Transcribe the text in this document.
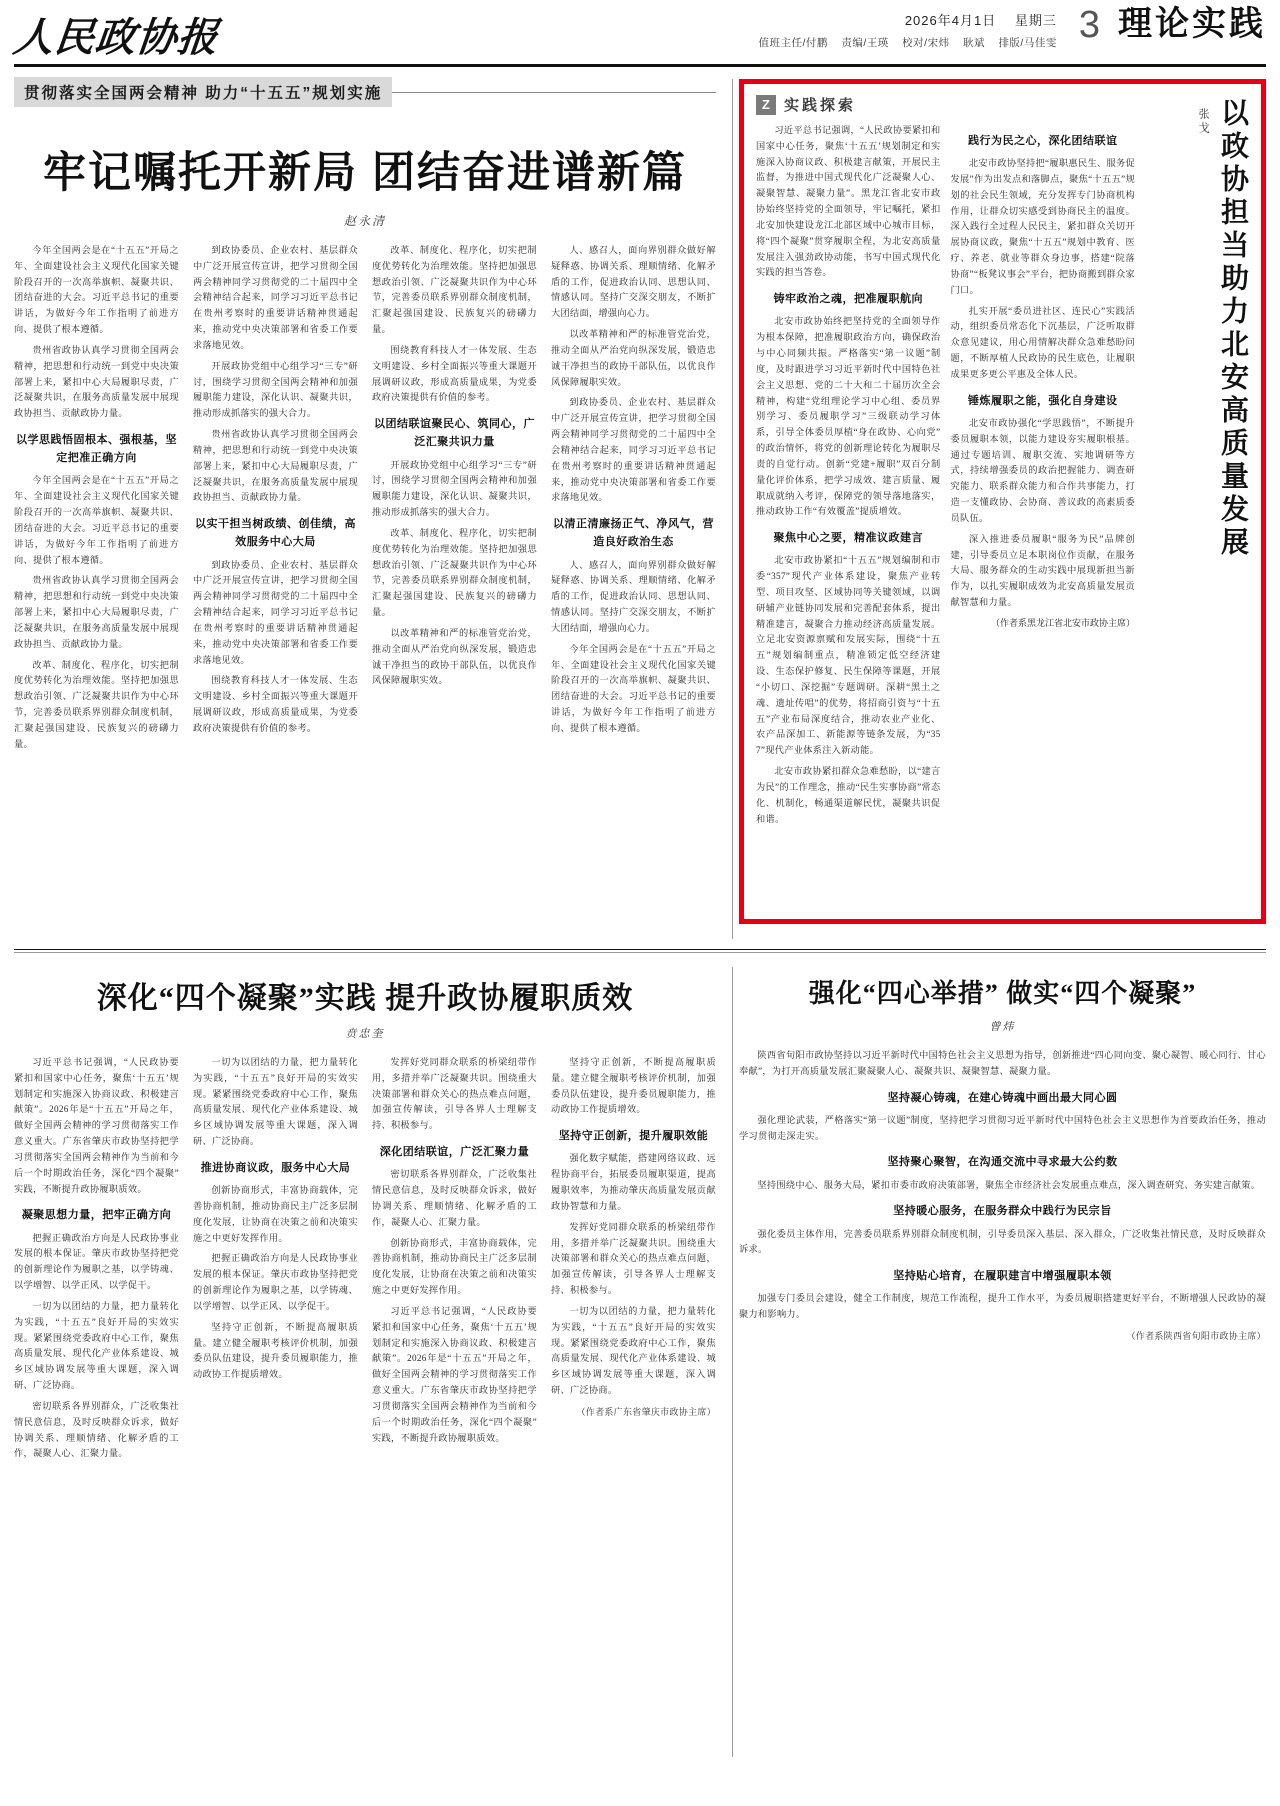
人民政协报	2026年4月1日 星期三
值班主任/付鹏 责编/王瑛 校对/宋炜 耿斌 排版/马佳雯 3 理论实践
贯彻落实全国两会精神 助力“十五五”规划实施
牢记嘱托开新局 团结奋进谱新篇
赵永清

今年全国两会是在“十五五”开局之年、全面建设社会主义现代化国家关键阶段召开的一次高举旗帜、凝聚共识、团结奋进的大会。习近平总书记的重要讲话，为做好今年工作指明了前进方向、提供了根本遵循。

贵州省政协认真学习贯彻全国两会精神，把思想和行动统一到党中央决策部署上来，紧扣中心大局履职尽责，广泛凝聚共识，在服务高质量发展中展现政协担当、贡献政协力量。

以学思践悟固根本、强根基，坚定把准正确方向

今年全国两会是在“十五五”开局之年、全面建设社会主义现代化国家关键阶段召开的一次高举旗帜、凝聚共识、团结奋进的大会。习近平总书记的重要讲话，为做好今年工作指明了前进方向、提供了根本遵循。

贵州省政协认真学习贯彻全国两会精神，把思想和行动统一到党中央决策部署上来，紧扣中心大局履职尽责，广泛凝聚共识，在服务高质量发展中展现政协担当、贡献政协力量。

改革、制度化、程序化，切实把制度优势转化为治理效能。坚持把加强思想政治引领、广泛凝聚共识作为中心环节，完善委员联系界别群众制度机制，汇聚起强国建设、民族复兴的磅礴力量。

到政协委员、企业农村、基层群众中广泛开展宣传宣讲，把学习贯彻全国两会精神同学习贯彻党的二十届四中全会精神结合起来，同学习习近平总书记在贵州考察时的重要讲话精神贯通起来，推动党中央决策部署和省委工作要求落地见效。

开展政协党组中心组学习“三专”研讨，围绕学习贯彻全国两会精神和加强履职能力建设，深化认识、凝聚共识，推动形成抓落实的强大合力。

贵州省政协认真学习贯彻全国两会精神，把思想和行动统一到党中央决策部署上来，紧扣中心大局履职尽责，广泛凝聚共识，在服务高质量发展中展现政协担当、贡献政协力量。

以实干担当树政绩、创佳绩，高效服务中心大局

到政协委员、企业农村、基层群众中广泛开展宣传宣讲，把学习贯彻全国两会精神同学习贯彻党的二十届四中全会精神结合起来，同学习习近平总书记在贵州考察时的重要讲话精神贯通起来，推动党中央决策部署和省委工作要求落地见效。

围绕教育科技人才一体发展、生态文明建设、乡村全面振兴等重大课题开展调研议政，形成高质量成果，为党委政府决策提供有价值的参考。

改革、制度化、程序化，切实把制度优势转化为治理效能。坚持把加强思想政治引领、广泛凝聚共识作为中心环节，完善委员联系界别群众制度机制，汇聚起强国建设、民族复兴的磅礴力量。

围绕教育科技人才一体发展、生态文明建设、乡村全面振兴等重大课题开展调研议政，形成高质量成果，为党委政府决策提供有价值的参考。

以团结联谊聚民心、筑同心，广泛汇聚共识力量

开展政协党组中心组学习“三专”研讨，围绕学习贯彻全国两会精神和加强履职能力建设，深化认识、凝聚共识，推动形成抓落实的强大合力。

改革、制度化、程序化，切实把制度优势转化为治理效能。坚持把加强思想政治引领、广泛凝聚共识作为中心环节，完善委员联系界别群众制度机制，汇聚起强国建设、民族复兴的磅礴力量。

以改革精神和严的标准管党治党，推动全面从严治党向纵深发展，锻造忠诚干净担当的政协干部队伍，以优良作风保障履职实效。

人、感召人，面向界别群众做好解疑释惑、协调关系、理顺情绪、化解矛盾的工作，促进政治认同、思想认同、情感认同。坚持广交深交朋友，不断扩大团结面，增强向心力。

以改革精神和严的标准管党治党，推动全面从严治党向纵深发展，锻造忠诚干净担当的政协干部队伍，以优良作风保障履职实效。

到政协委员、企业农村、基层群众中广泛开展宣传宣讲，把学习贯彻全国两会精神同学习贯彻党的二十届四中全会精神结合起来，同学习习近平总书记在贵州考察时的重要讲话精神贯通起来，推动党中央决策部署和省委工作要求落地见效。

以清正清廉扬正气、净风气，营造良好政治生态

人、感召人，面向界别群众做好解疑释惑、协调关系、理顺情绪、化解矛盾的工作，促进政治认同、思想认同、情感认同。坚持广交深交朋友，不断扩大团结面，增强向心力。

今年全国两会是在“十五五”开局之年、全面建设社会主义现代化国家关键阶段召开的一次高举旗帜、凝聚共识、团结奋进的大会。习近平总书记的重要讲话，为做好今年工作指明了前进方向、提供了根本遵循。

Z 实践探索

习近平总书记强调，“人民政协要紧扣和国家中心任务，聚焦‘十五五’规划制定和实施深入协商议政、积极建言献策，开展民主监督，为推进中国式现代化广泛凝聚人心、凝聚智慧、凝聚力量”。黑龙江省北安市政协始终坚持党的全面领导，牢记嘱托，紧扣北安加快建设龙江北部区域中心城市目标，将“四个凝聚”贯穿履职全程，为北安高质量发展注入强劲政协动能，书写中国式现代化实践的担当答卷。

铸牢政治之魂，把准履职航向

北安市政协始终把坚持党的全面领导作为根本保障，把准履职政治方向，确保政治与中心同频共振。严格落实“第一议题”制度，及时跟进学习习近平新时代中国特色社会主义思想、党的二十大和二十届历次全会精神，构建“党组理论学习中心组、委员界别学习、委员履职学习”三级联动学习体系，引导全体委员厚植“身在政协、心向党”的政治情怀，将党的创新理论转化为履职尽责的自觉行动。创新“党建+履职”双百分制量化评价体系，把学习成效、建言质量、履职成就纳入考评，保障党的领导落地落实，推动政协工作“有效覆盖”提质增效。

聚焦中心之要，精准议政建言

北安市政协紧扣“十五五”规划编制和市委“357”现代产业体系建设，聚焦产业转型、项目攻坚、区域协同等关键领域，以调研辅产业链协同发展和完善配套体系，提出精准建言，凝聚合力推动经济高质量发展。立足北安资源禀赋和发展实际，围绕“十五五”规划编制重点，精准锁定低空经济建设、生态保护修复、民生保障等课题，开展“小切口、深挖掘”专题调研。深耕“黑土之魂、遗址传唱”的优势，将招商引资与“十五五”产业布局深度结合，推动农业产业化、农产品深加工、新能源等链条发展，为“357”现代产业体系注入新动能。

北安市政协紧扣群众急难愁盼，以“建言为民”的工作理念，推动“民生实事协商”常态化、机制化，畅通渠道解民忧，凝聚共识促和谐。

践行为民之心，深化团结联谊

北安市政协坚持把“履职惠民生、服务促发展”作为出发点和落脚点，聚焦“十五五”规划的社会民生领域，充分发挥专门协商机构作用，让群众切实感受到协商民主的温度。深入践行全过程人民民主，紧扣群众关切开展协商议政，聚焦“十五五”规划中教育、医疗、养老、就业等群众身边事，搭建“院落协商”“板凳议事会”平台，把协商搬到群众家门口。

扎实开展“委员进社区、连民心”实践活动，组织委员常态化下沉基层，广泛听取群众意见建议，用心用情解决群众急难愁盼问题，不断厚植人民政协的民生底色，让履职成果更多更公平惠及全体人民。

锤炼履职之能，强化自身建设

北安市政协强化“学思践悟”，不断提升委员履职本领，以能力建设夯实履职根基。通过专题培训、履职交流、实地调研等方式，持续增强委员的政治把握能力、调查研究能力、联系群众能力和合作共事能力，打造一支懂政协、会协商、善议政的高素质委员队伍。

深入推进委员履职“服务为民”品牌创建，引导委员立足本职岗位作贡献，在服务大局、服务群众的生动实践中展现新担当新作为，以扎实履职成效为北安高质量发展贡献智慧和力量。

（作者系黑龙江省北安市政协主席）
以政协担当助力北安高质量发展
张戈
深化“四个凝聚”实践 提升政协履职质效
贲忠奎

习近平总书记强调，“人民政协要紧扣和国家中心任务，聚焦‘十五五’规划制定和实施深入协商议政、积极建言献策”。2026年是“十五五”开局之年，做好全国两会精神的学习贯彻落实工作意义重大。广东省肇庆市政协坚持把学习贯彻落实全国两会精神作为当前和今后一个时期政治任务，深化“四个凝聚”实践，不断提升政协履职质效。

凝聚思想力量，把牢正确方向

把握正确政治方向是人民政协事业发展的根本保证。肇庆市政协坚持把党的创新理论作为履职之基，以学铸魂、以学增智、以学正风、以学促干。

一切为以团结的力量，把力量转化为实践，“十五五”良好开局的实效实现。紧紧围绕党委政府中心工作，聚焦高质量发展、现代化产业体系建设、城乡区域协调发展等重大课题，深入调研、广泛协商。

密切联系各界别群众，广泛收集社情民意信息，及时反映群众诉求，做好协调关系、理顺情绪、化解矛盾的工作，凝聚人心、汇聚力量。

一切为以团结的力量，把力量转化为实践，“十五五”良好开局的实效实现。紧紧围绕党委政府中心工作，聚焦高质量发展、现代化产业体系建设、城乡区域协调发展等重大课题，深入调研、广泛协商。

推进协商议政，服务中心大局

创新协商形式，丰富协商载体，完善协商机制，推动协商民主广泛多层制度化发展，让协商在决策之前和决策实施之中更好发挥作用。

把握正确政治方向是人民政协事业发展的根本保证。肇庆市政协坚持把党的创新理论作为履职之基，以学铸魂、以学增智、以学正风、以学促干。

坚持守正创新，不断提高履职质量。建立健全履职考核评价机制，加强委员队伍建设，提升委员履职能力，推动政协工作提质增效。

发挥好党同群众联系的桥梁纽带作用，多措并举广泛凝聚共识。围绕重大决策部署和群众关心的热点难点问题，加强宣传解读，引导各界人士理解支持、积极参与。

深化团结联谊，广泛汇聚力量

密切联系各界别群众，广泛收集社情民意信息，及时反映群众诉求，做好协调关系、理顺情绪、化解矛盾的工作，凝聚人心、汇聚力量。

创新协商形式，丰富协商载体，完善协商机制，推动协商民主广泛多层制度化发展，让协商在决策之前和决策实施之中更好发挥作用。

习近平总书记强调，“人民政协要紧扣和国家中心任务，聚焦‘十五五’规划制定和实施深入协商议政、积极建言献策”。2026年是“十五五”开局之年，做好全国两会精神的学习贯彻落实工作意义重大。广东省肇庆市政协坚持把学习贯彻落实全国两会精神作为当前和今后一个时期政治任务，深化“四个凝聚”实践，不断提升政协履职质效。

坚持守正创新，不断提高履职质量。建立健全履职考核评价机制，加强委员队伍建设，提升委员履职能力，推动政协工作提质增效。

坚持守正创新，提升履职效能

强化数字赋能，搭建网络议政、远程协商平台，拓展委员履职渠道，提高履职效率，为推动肇庆高质量发展贡献政协智慧和力量。

发挥好党同群众联系的桥梁纽带作用，多措并举广泛凝聚共识。围绕重大决策部署和群众关心的热点难点问题，加强宣传解读，引导各界人士理解支持、积极参与。

一切为以团结的力量，把力量转化为实践，“十五五”良好开局的实效实现。紧紧围绕党委政府中心工作，聚焦高质量发展、现代化产业体系建设、城乡区域协调发展等重大课题，深入调研、广泛协商。

（作者系广东省肇庆市政协主席）
强化“四心举措” 做实“四个凝聚”
曾炜

陕西省旬阳市政协坚持以习近平新时代中国特色社会主义思想为指导，创新推进“四心同向变、聚心凝智、暖心同行、甘心奉献”，为打开高质量发展汇聚凝聚人心、凝聚共识、凝聚智慧、凝聚力量。

坚持凝心铸魂，在建心铸魂中画出最大同心圆

强化理论武装，严格落实“第一议题”制度，坚持把学习贯彻习近平新时代中国特色社会主义思想作为首要政治任务，推动学习贯彻走深走实。

坚持聚心聚智，在沟通交流中寻求最大公约数

坚持围绕中心、服务大局，紧扣市委市政府决策部署，聚焦全市经济社会发展重点难点，深入调查研究、务实建言献策。

坚持暖心服务，在服务群众中践行为民宗旨

强化委员主体作用，完善委员联系界别群众制度机制，引导委员深入基层、深入群众，广泛收集社情民意，及时反映群众诉求。

坚持贴心培育，在履职建言中增强履职本领

加强专门委员会建设，健全工作制度，规范工作流程，提升工作水平，为委员履职搭建更好平台，不断增强人民政协的凝聚力和影响力。

（作者系陕西省旬阳市政协主席）
